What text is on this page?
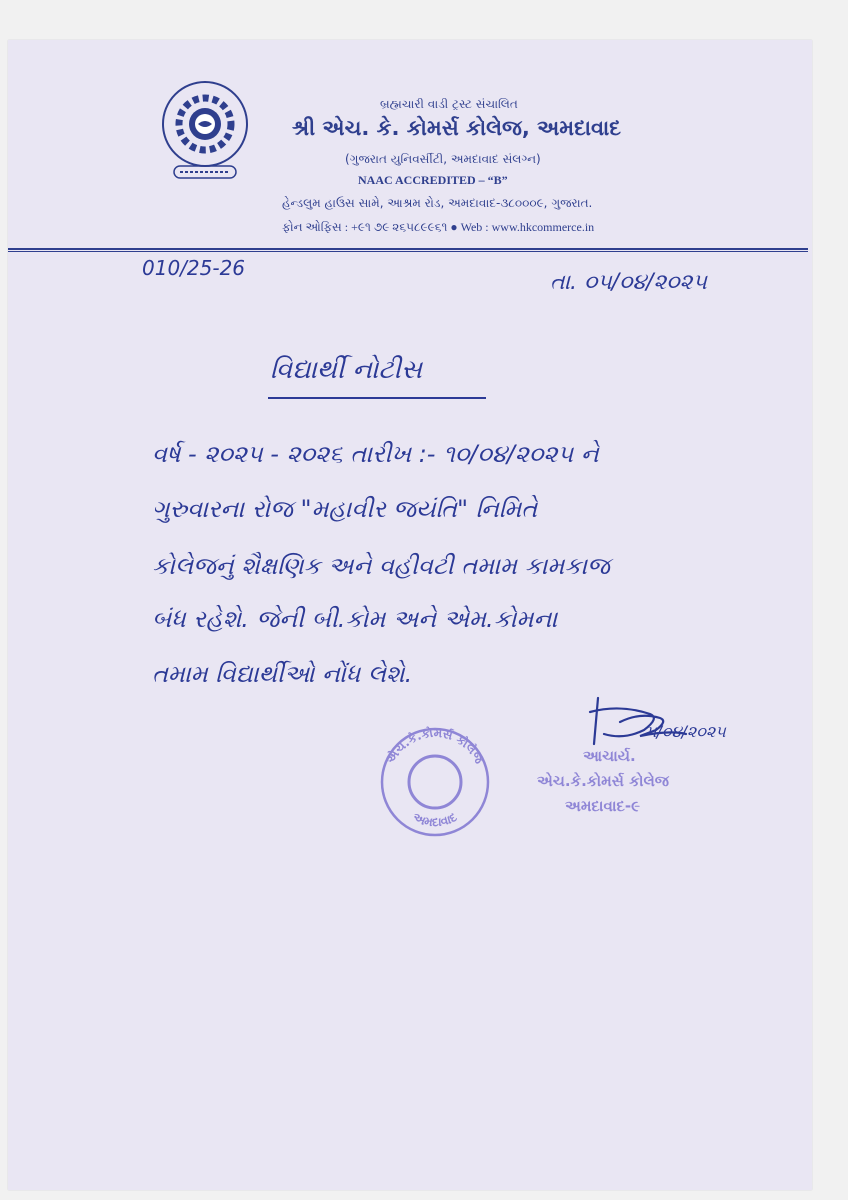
બ્રહ્મચારી વાડી ટ્રસ્ટ સંચાલિત
શ્રી એચ. કે. કોમર્સ કોલેજ, અમદાવાદ
(ગુજરાત યુનિવર્સીટી, અમદાવાદ સંલગ્ન)
NAAC ACCREDITED – “B”
હેન્ડલુમ હાઉસ સામે, આશ્રમ રોડ, અમદાવાદ-૩૮૦૦૦૯, ગુજરાત.
ફોન ઓફિસ : +૯૧ ૭૯ ૨૬૫૮૯૯૬૧ ● Web : www.hkcommerce.in
010/25-26
તા. ૦૫/૦૪/૨૦૨૫
વિદ્યાર્થી નોટીસ
વર્ષ - ૨૦૨૫ - ૨૦૨૬ તારીખ :- ૧૦/૦૪/૨૦૨૫ ને
ગુરુવારના રોજ "મહાવીર જયંતિ" નિમિતે
કોલેજનું શૈક્ષણિક અને વહીવટી તમામ કામકાજ
બંધ રહેશે. જેની બી.કોમ અને એમ.કોમના
તમામ વિદ્યાર્થીઓ નોંધ લેશે.
એચ.કે.કોમર્સ કોલેજ
અમદાવાદ
૫/૦૪/૨૦૨૫
આચાર્ય.
એચ.કે.કોમર્સ કોલેજ
અમદાવાદ-૯
